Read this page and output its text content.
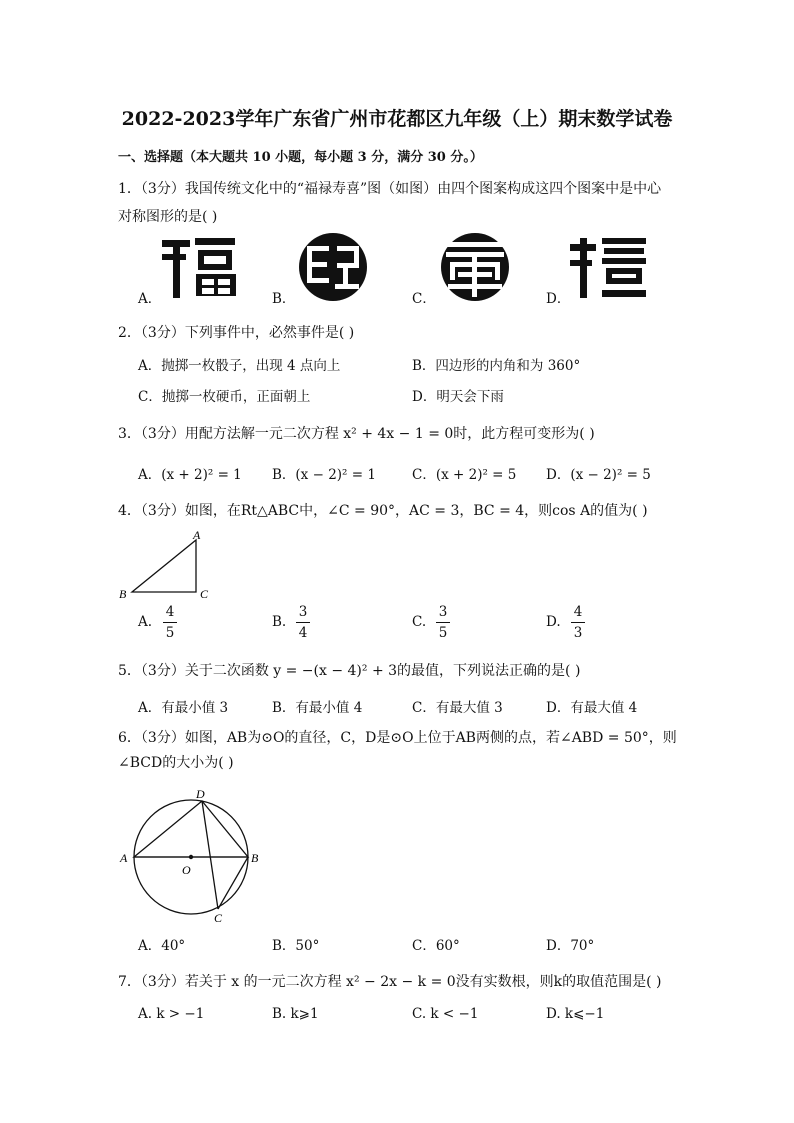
2022-2023学年广东省广州市花都区九年级（上）期末数学试卷
一、选择题（本大题共 10 小题，每小题 3 分，满分 30 分。）
1．（3分）我国传统文化中的“福禄寿喜”图（如图）由四个图案构成这四个图案中是中心
对称图形的是( )
A．	B．	C．	D．
2．（3分）下列事件中，必然事件是( )
A．抛掷一枚骰子，出现 4 点向上	B．四边形的内角和为 360°
C．抛掷一枚硬币，正面朝上	D．明天会下雨
3．（3分）用配方法解一元二次方程 x² + 4x − 1 = 0时，此方程可变形为( )
A．(x + 2)² = 1 B．(x − 2)² = 1	C．(x + 2)² = 5 D．(x − 2)² = 5
4．（3分）如图，在Rt△ABC中，∠C = 90°，AC = 3，BC = 4，则cos A的值为( )
A
B	C
A.
4
5
B.
3
4
C.
3
5
D.
4
3
5．（3分）关于二次函数 y = −(x − 4)² + 3的最值，下列说法正确的是( )
A．有最小值 3	B．有最小值 4	C．有最大值 3	D．有最大值 4
6．（3分）如图，AB为⊙O的直径，C，D是⊙O上位于AB两侧的点，若∠ABD = 50°，则
∠BCD的大小为( )
D
A
O
B
C
A．40°	B．50°	C．60°	D．70°
7．（3分）若关于 x 的一元二次方程 x² − 2x − k = 0没有实数根，则k的取值范围是( )
A. k > −1	B. k⩾1	C. k < −1	D. k⩽−1
